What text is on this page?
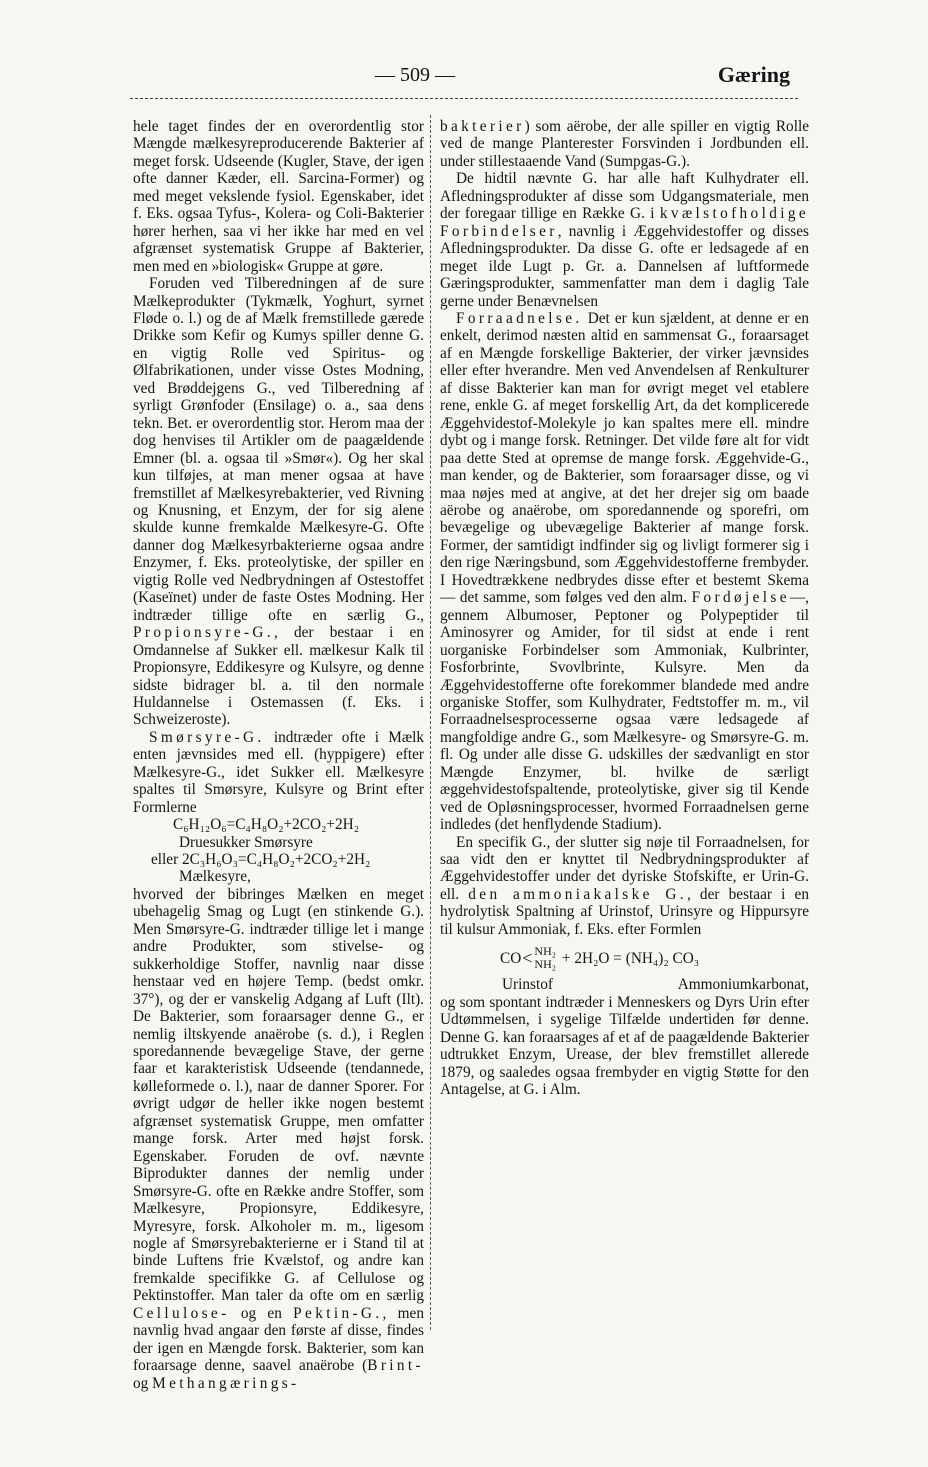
— 509 —	Gæring

hele taget findes der en overordentlig stor Mængde mælkesyreproducerende Bakterier af meget forsk. Udseende (Kugler, Stave, der igen ofte danner Kæder, ell. Sarcina-Former) og med meget vekslende fysiol. Egenskaber, idet f. Eks. ogsaa Tyfus-, Kolera- og Coli-Bakterier hører herhen, saa vi her ikke har med en vel afgrænset systematisk Gruppe af Bakterier, men med en »biologisk« Gruppe at gøre.

Foruden ved Tilberedningen af de sure Mælkeprodukter (Tykmælk, Yoghurt, syrnet Fløde o. l.) og de af Mælk fremstillede gærede Drikke som Kefir og Kumys spiller denne G. en vigtig Rolle ved Spiritus- og Ølfabrikationen, under visse Ostes Modning, ved Brøddejgens G., ved Tilberedning af syrligt Grønfoder (Ensilage) o. a., saa dens tekn. Bet. er overordentlig stor. Herom maa der dog henvises til Artikler om de paagældende Emner (bl. a. ogsaa til »Smør«). Og her skal kun tilføjes, at man mener ogsaa at have fremstillet af Mælkesyrebakterier, ved Rivning og Knusning, et Enzym, der for sig alene skulde kunne fremkalde Mælkesyre-G. Ofte danner dog Mælkesyrbakterierne ogsaa andre Enzymer, f. Eks. proteolytiske, der spiller en vigtig Rolle ved Nedbrydningen af Ostestoffet (Kaseïnet) under de faste Ostes Modning. Her indtræder tillige ofte en særlig G., Propionsyre-G., der bestaar i en Omdannelse af Sukker ell. mælkesur Kalk til Propionsyre, Eddikesyre og Kulsyre, og denne sidste bidrager bl. a. til den normale Huldannelse i Ostemassen (f. Eks. i Schweizeroste).

Smørsyre-G. indtræder ofte i Mælk enten jævnsides med ell. (hyppigere) efter Mælkesyre-G., idet Sukker ell. Mælkesyre spaltes til Smørsyre, Kulsyre og Brint efter Formlerne

C₆H₁₂O₆=C₄H₈O₂+2CO₂+2H₂

Druesukker Smørsyre

eller 2C₃H₆O₃=C₄H₈O₂+2CO₂+2H₂

Mælkesyre,

hvorved der bibringes Mælken en meget ubehagelig Smag og Lugt (en stinkende G.). Men Smørsyre-G. indtræder tillige let i mange andre Produkter, som stivelse- og sukkerholdige Stoffer, navnlig naar disse henstaar ved en højere Temp. (bedst omkr. 37°), og der er vanskelig Adgang af Luft (Ilt). De Bakterier, som foraarsager denne G., er nemlig iltskyende anaërobe (s. d.), i Reglen sporedannende bevægelige Stave, der gerne faar et karakteristisk Udseende (tendannede, kølleformede o. l.), naar de danner Sporer. For øvrigt udgør de heller ikke nogen bestemt afgrænset systematisk Gruppe, men omfatter mange forsk. Arter med højst forsk. Egenskaber. Foruden de ovf. nævnte Biprodukter dannes der nemlig under Smørsyre-G. ofte en Række andre Stoffer, som Mælkesyre, Propionsyre, Eddikesyre, Myresyre, forsk. Alkoholer m. m., ligesom nogle af Smørsyrebakterierne er i Stand til at binde Luftens frie Kvælstof, og andre kan fremkalde specifikke G. af Cellulose og Pektinstoffer. Man taler da ofte om en særlig Cellulose- og en Pektin-G., men navnlig hvad angaar den første af disse, findes der igen en Mængde forsk. Bakterier, som kan foraarsage denne, saavel anaërobe (Brint- og Methangærings-

bakterier) som aërobe, der alle spiller en vigtig Rolle ved de mange Planterester Forsvinden i Jordbunden ell. under stillestaaende Vand (Sumpgas-G.).

De hidtil nævnte G. har alle haft Kulhydrater ell. Afledningsprodukter af disse som Udgangsmateriale, men der foregaar tillige en Række G. i kvælstofholdige Forbindelser, navnlig i Æggehvidestoffer og disses Afledningsprodukter. Da disse G. ofte er ledsagede af en meget ilde Lugt p. Gr. a. Dannelsen af luftformede Gæringsprodukter, sammenfatter man dem i daglig Tale gerne under Benævnelsen

Forraadnelse. Det er kun sjældent, at denne er en enkelt, derimod næsten altid en sammensat G., foraarsaget af en Mængde forskellige Bakterier, der virker jævnsides eller efter hverandre. Men ved Anvendelsen af Renkulturer af disse Bakterier kan man for øvrigt meget vel etablere rene, enkle G. af meget forskellig Art, da det komplicerede Æggehvidestof-Molekyle jo kan spaltes mere ell. mindre dybt og i mange forsk. Retninger. Det vilde føre alt for vidt paa dette Sted at opremse de mange forsk. Æggehvide-G., man kender, og de Bakterier, som foraarsager disse, og vi maa nøjes med at angive, at det her drejer sig om baade aërobe og anaërobe, om sporedannende og sporefri, om bevægelige og ubevægelige Bakterier af mange forsk. Former, der samtidigt indfinder sig og livligt formerer sig i den rige Næringsbund, som Æggehvidestofferne frembyder. I Hovedtrækkene nedbrydes disse efter et bestemt Skema — det samme, som følges ved den alm. Fordøjelse—, gennem Albumoser, Peptoner og Polypeptider til Aminosyrer og Amider, for til sidst at ende i rent uorganiske Forbindelser som Ammoniak, Kulbrinter, Fosforbrinte, Svovlbrinte, Kulsyre. Men da Æggehvidestofferne ofte forekommer blandede med andre organiske Stoffer, som Kulhydrater, Fedtstoffer m. m., vil Forraadnelsesprocesserne ogsaa være ledsagede af mangfoldige andre G., som Mælkesyre- og Smørsyre-G. m. fl. Og under alle disse G. udskilles der sædvanligt en stor Mængde Enzymer, bl. hvilke de særligt æggehvidestofspaltende, proteolytiske, giver sig til Kende ved de Opløsningsprocesser, hvormed Forraadnelsen gerne indledes (det henflydende Stadium).

En specifik G., der slutter sig nøje til Forraadnelsen, for saa vidt den er knyttet til Nedbrydningsprodukter af Æggehvidestoffer under det dyriske Stofskifte, er Urin-G. ell. den ammoniakalske G., der bestaar i en hydrolytisk Spaltning af Urinstof, Urinsyre og Hippursyre til kulsur Ammoniak, f. Eks. efter Formlen

CO < NH₂
NH₂ + 2H₂O = (NH₄)₂ CO₃
Urinstof	Ammoniumkarbonat,

og som spontant indtræder i Menneskers og Dyrs Urin efter Udtømmelsen, i sygelige Tilfælde undertiden før denne. Denne G. kan foraarsages af et af de paagældende Bakterier udtrukket Enzym, Urease, der blev fremstillet allerede 1879, og saaledes ogsaa frembyder en vigtig Støtte for den Antagelse, at G. i Alm.
